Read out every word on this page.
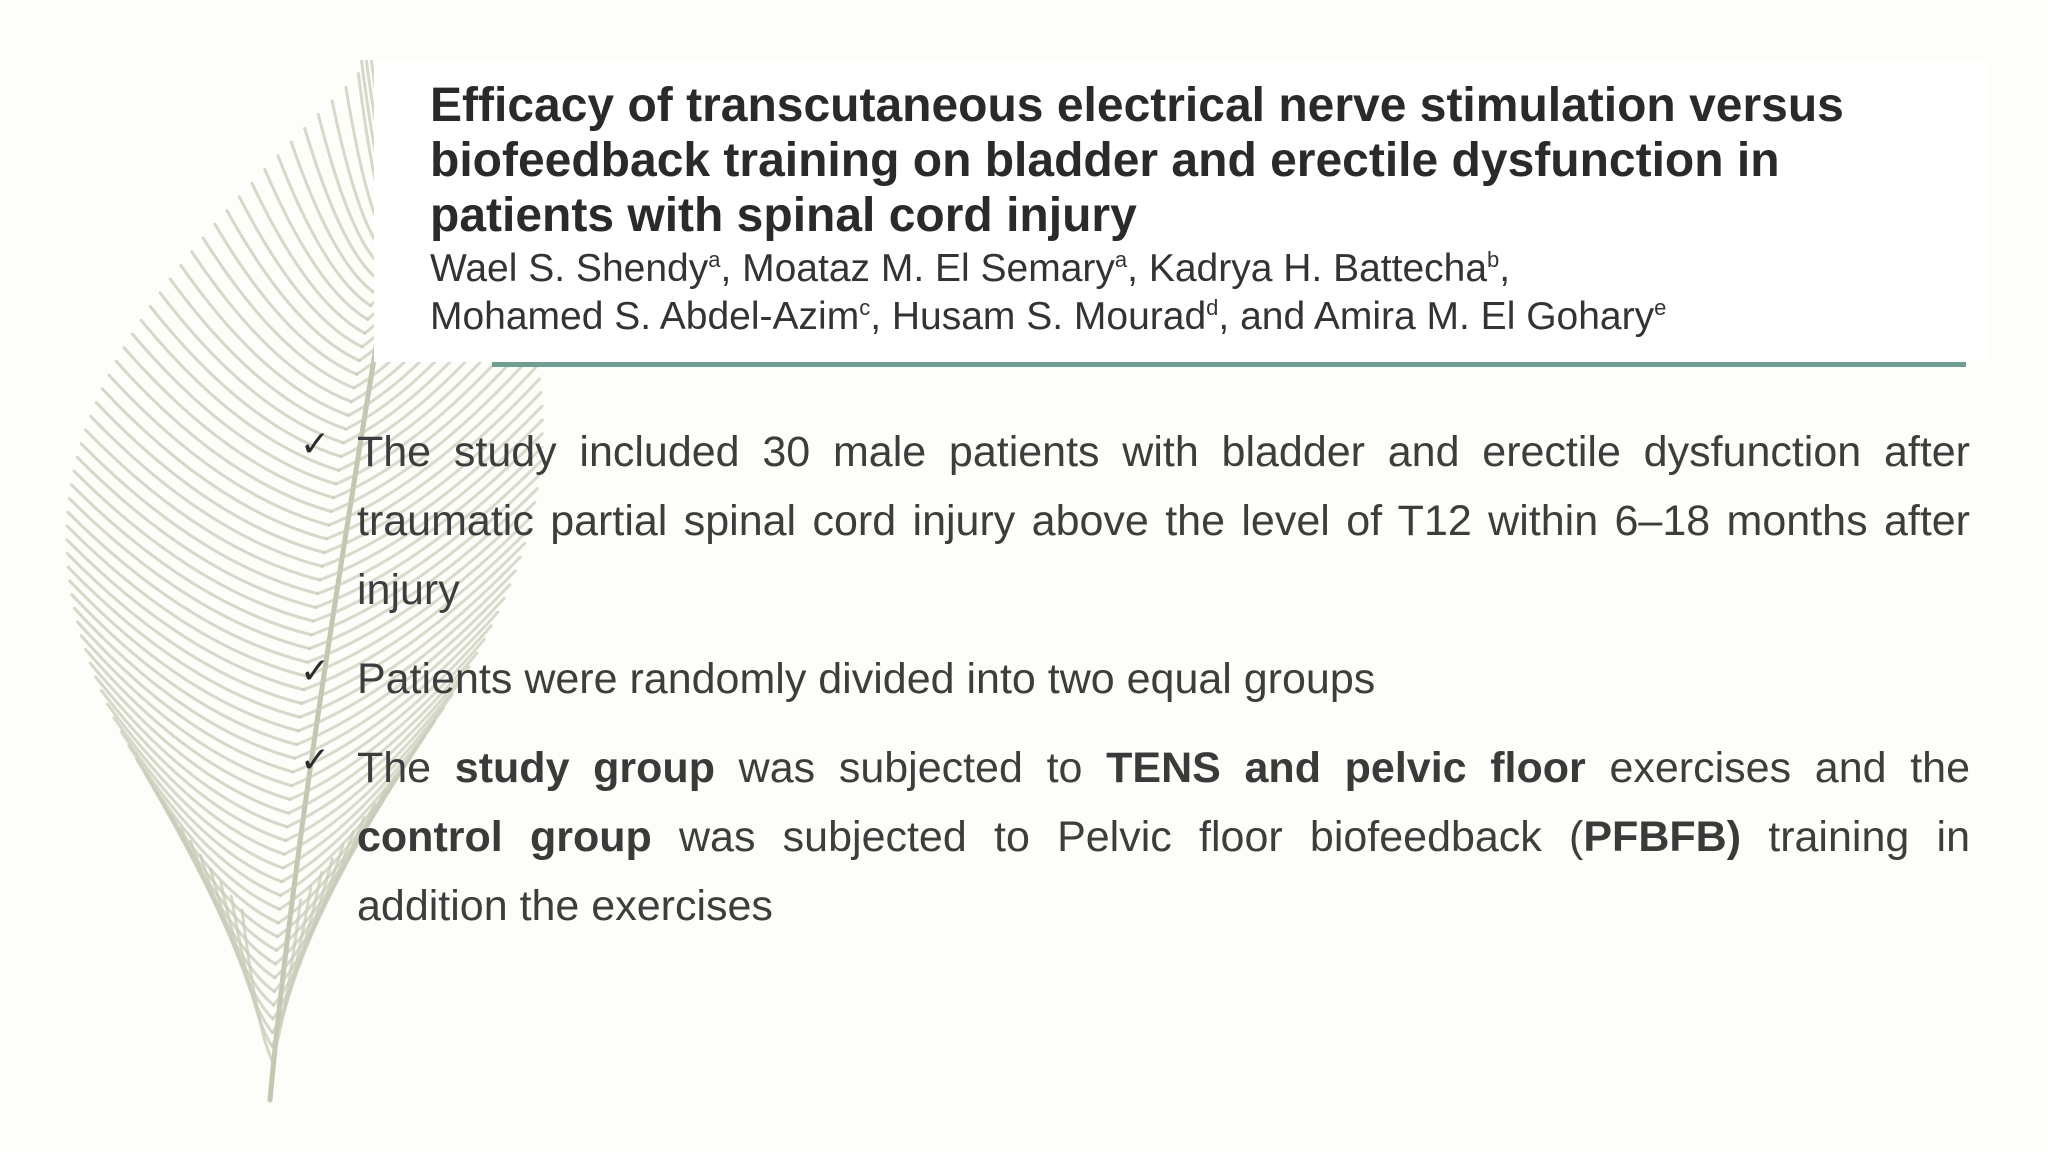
Efficacy of transcutaneous electrical nerve stimulation versus biofeedback training on bladder and erectile dysfunction in patients with spinal cord injury
Wael S. Shendy$^a$, Moataz M. El Semary$^a$, Kadrya H. Battecha$^b$,
Mohamed S. Abdel-Azim$^c$, Husam S. Mourad$^d$, and Amira M. El Gohary$^e$
✓ The study included 30 male patients with bladder and erectile dysfunction after traumatic partial spinal cord injury above the level of T12 within 6–18 months after injury
✓ Patients were randomly divided into two equal groups
✓ The study group was subjected to TENS and pelvic floor exercises and the control group was subjected to Pelvic floor biofeedback (PFBFB) training in addition the exercises
